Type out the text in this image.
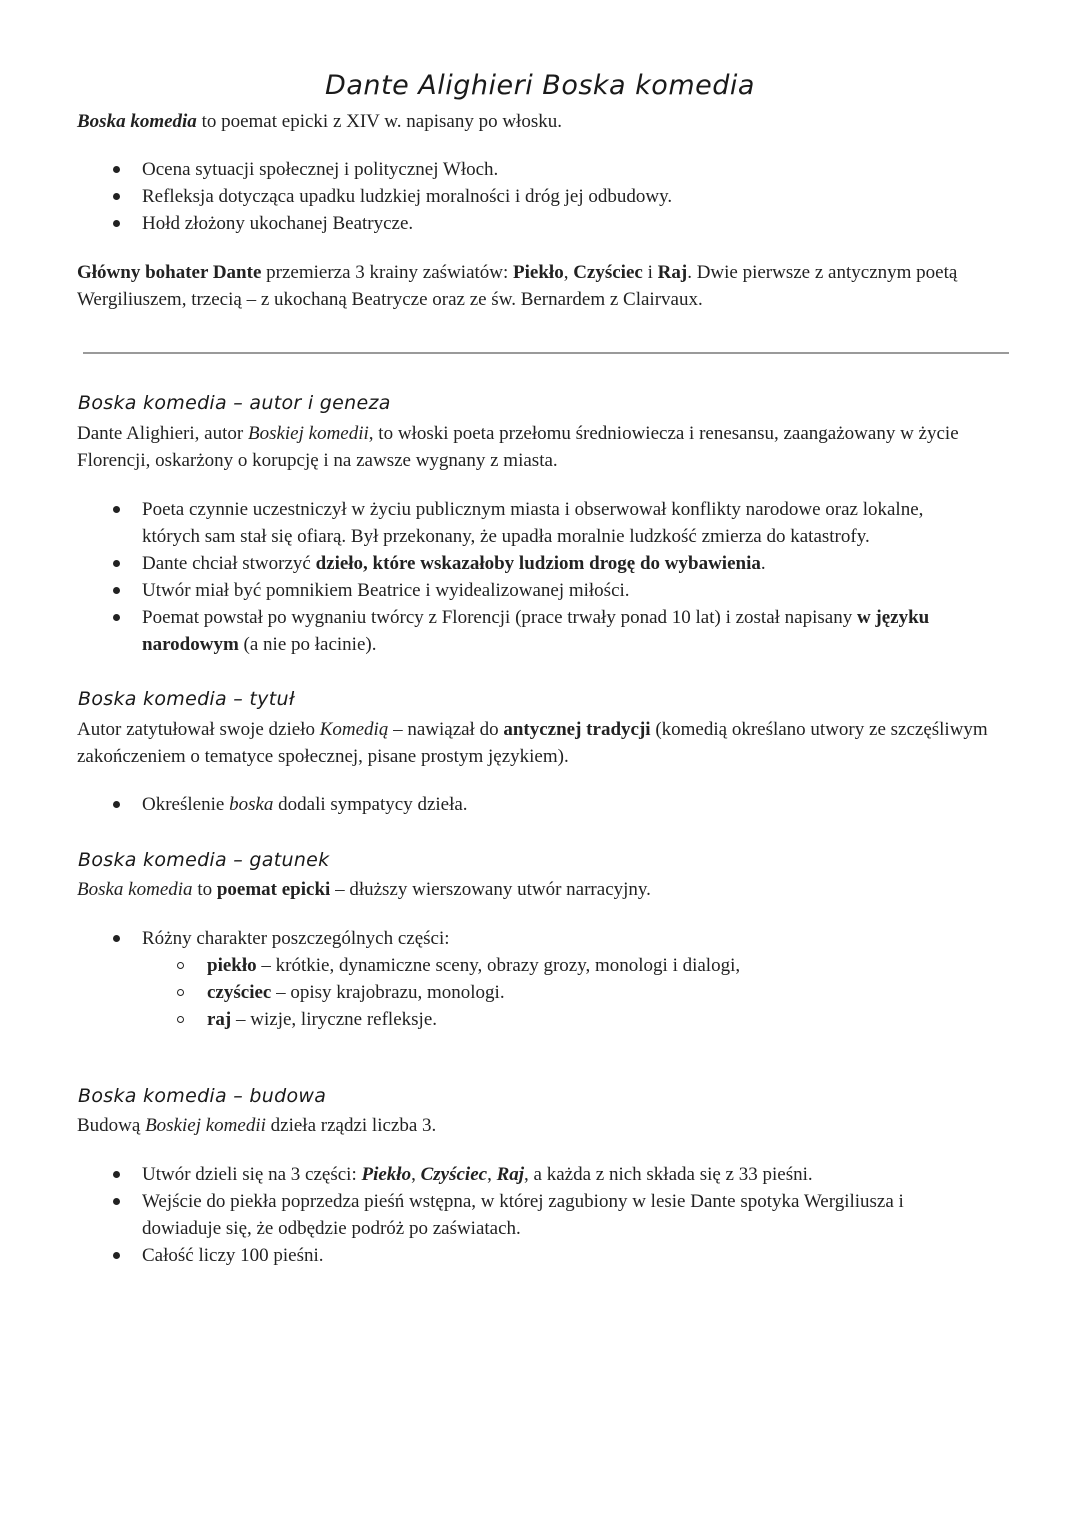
Dante Alighieri Boska komedia

Boska komedia to poemat epicki z XIV w. napisany po włosku.

Ocena sytuacji społecznej i politycznej Włoch.
Refleksja dotycząca upadku ludzkiej moralności i dróg jej odbudowy.
Hołd złożony ukochanej Beatrycze.

Główny bohater Dante przemierza 3 krainy zaświatów: Piekło, Czyściec i Raj. Dwie pierwsze z antycznym poetą Wergiliuszem, trzecią – z ukochaną Beatrycze oraz ze św. Bernardem z Clairvaux.

Boska komedia – autor i geneza

Dante Alighieri, autor Boskiej komedii, to włoski poeta przełomu średniowiecza i renesansu, zaangażowany w życie Florencji, oskarżony o korupcję i na zawsze wygnany z miasta.

Poeta czynnie uczestniczył w życiu publicznym miasta i obserwował konflikty narodowe oraz lokalne, których sam stał się ofiarą. Był przekonany, że upadła moralnie ludzkość zmierza do katastrofy.
Dante chciał stworzyć dzieło, które wskazałoby ludziom drogę do wybawienia.
Utwór miał być pomnikiem Beatrice i wyidealizowanej miłości.
Poemat powstał po wygnaniu twórcy z Florencji (prace trwały ponad 10 lat) i został napisany w języku narodowym (a nie po łacinie).
Boska komedia – tytuł

Autor zatytułował swoje dzieło Komedią – nawiązał do antycznej tradycji (komedią określano utwory ze szczęśliwym zakończeniem o tematyce społecznej, pisane prostym językiem).

Określenie boska dodali sympatycy dzieła.
Boska komedia – gatunek

Boska komedia to poemat epicki – dłuższy wierszowany utwór narracyjny.

Różny charakter poszczególnych części:
piekło – krótkie, dynamiczne sceny, obrazy grozy, monologi i dialogi,
czyściec – opisy krajobrazu, monologi.
raj – wizje, liryczne refleksje.
Boska komedia – budowa

Budową Boskiej komedii dzieła rządzi liczba 3.

Utwór dzieli się na 3 części: Piekło, Czyściec, Raj, a każda z nich składa się z 33 pieśni.
Wejście do piekła poprzedza pieśń wstępna, w której zagubiony w lesie Dante spotyka Wergiliusza i dowiaduje się, że odbędzie podróż po zaświatach.
Całość liczy 100 pieśni.
